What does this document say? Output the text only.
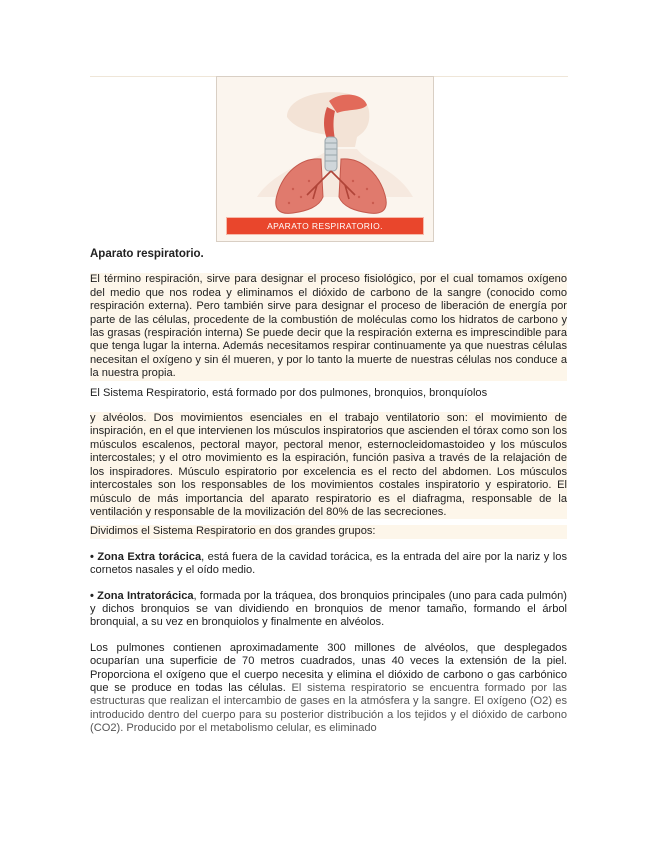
APARATO RESPIRATORIO.

Aparato respiratorio.

El término respiración, sirve para designar el proceso fisiológico, por el cual tomamos oxígeno del medio que nos rodea y eliminamos el dióxido de carbono de la sangre (conocido como respiración externa). Pero también sirve para designar el proceso de liberación de energía por parte de las células, procedente de la combustión de moléculas como los hidratos de carbono y las grasas (respiración interna) Se puede decir que la respiración externa es imprescindible para que tenga lugar la interna. Además necesitamos respirar continuamente ya que nuestras células necesitan el oxígeno y sin él mueren, y por lo tanto la muerte de nuestras células nos conduce a la nuestra propia.

El Sistema Respiratorio, está formado por dos pulmones, bronquios, bronquíolos

y alvéolos. Dos movimientos esenciales en el trabajo ventilatorio son: el movimiento de inspiración, en el que intervienen los músculos inspiratorios que ascienden el tórax como son los músculos escalenos, pectoral mayor, pectoral menor, esternocleidomastoideo y los músculos intercostales; y el otro movimiento es la espiración, función pasiva a través de la relajación de los inspiradores. Músculo espiratorio por excelencia es el recto del abdomen. Los músculos intercostales son los responsables de los movimientos costales inspiratorio y espiratorio. El músculo de más importancia del aparato respiratorio es el diafragma, responsable de la ventilación y responsable de la movilización del 80% de las secreciones.

Dividimos el Sistema Respiratorio en dos grandes grupos:

• Zona Extra torácica, está fuera de la cavidad torácica, es la entrada del aire por la nariz y los cornetos nasales y el oído medio.

• Zona Intratorácica, formada por la tráquea, dos bronquios principales (uno para cada pulmón) y dichos bronquios se van dividiendo en bronquios de menor tamaño, formando el árbol bronquial, a su vez en bronquiolos y finalmente en alvéolos.

Los pulmones contienen aproximadamente 300 millones de alvéolos, que desplegados ocuparían una superficie de 70 metros cuadrados, unas 40 veces la extensión de la piel. Proporciona el oxígeno que el cuerpo necesita y elimina el dióxido de carbono o gas carbónico que se produce en todas las células. El sistema respiratorio se encuentra formado por las estructuras que realizan el intercambio de gases en la atmósfera y la sangre. El oxígeno (O2) es introducido dentro del cuerpo para su posterior distribución a los tejidos y el dióxido de carbono (CO2). Producido por el metabolismo celular, es eliminado
